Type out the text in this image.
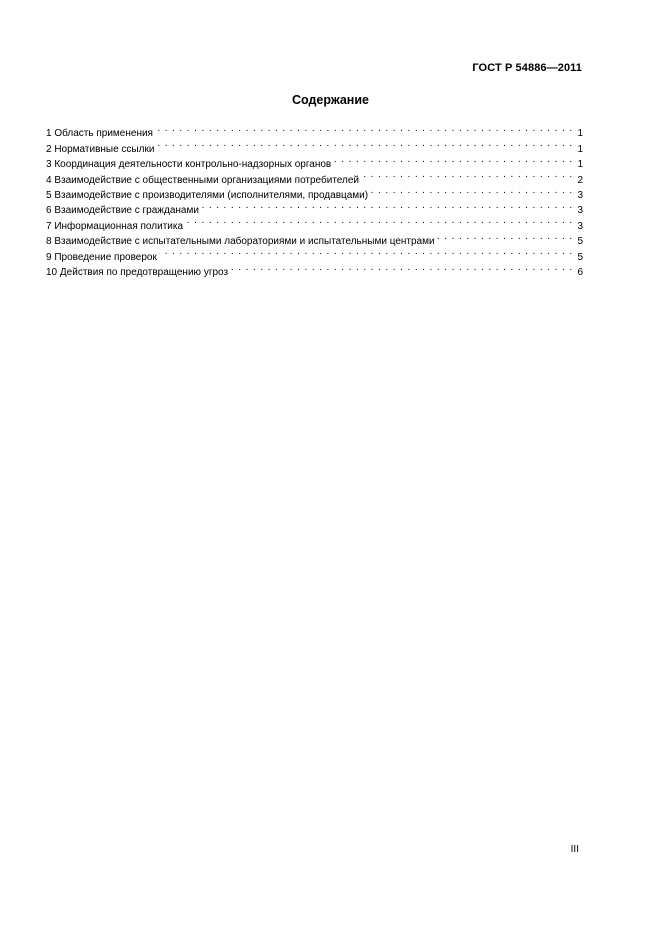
ГОСТ Р 54886—2011
Содержание
1 Область применения . . .	1
2 Нормативные ссылки . . .	1
3 Координация деятельности контрольно-надзорных органов . . .	1
4 Взаимодействие с общественными организациями потребителей . . .	2
5 Взаимодействие с производителями (исполнителями, продавцами) . . .	3
6 Взаимодействие с гражданами . . .	3
7 Информационная политика . . .	3
8 Взаимодействие с испытательными лабораториями и испытательными центрами . . .	5
9 Проведение проверок . . .	5
10 Действия по предотвращению угроз . . .	6
III
